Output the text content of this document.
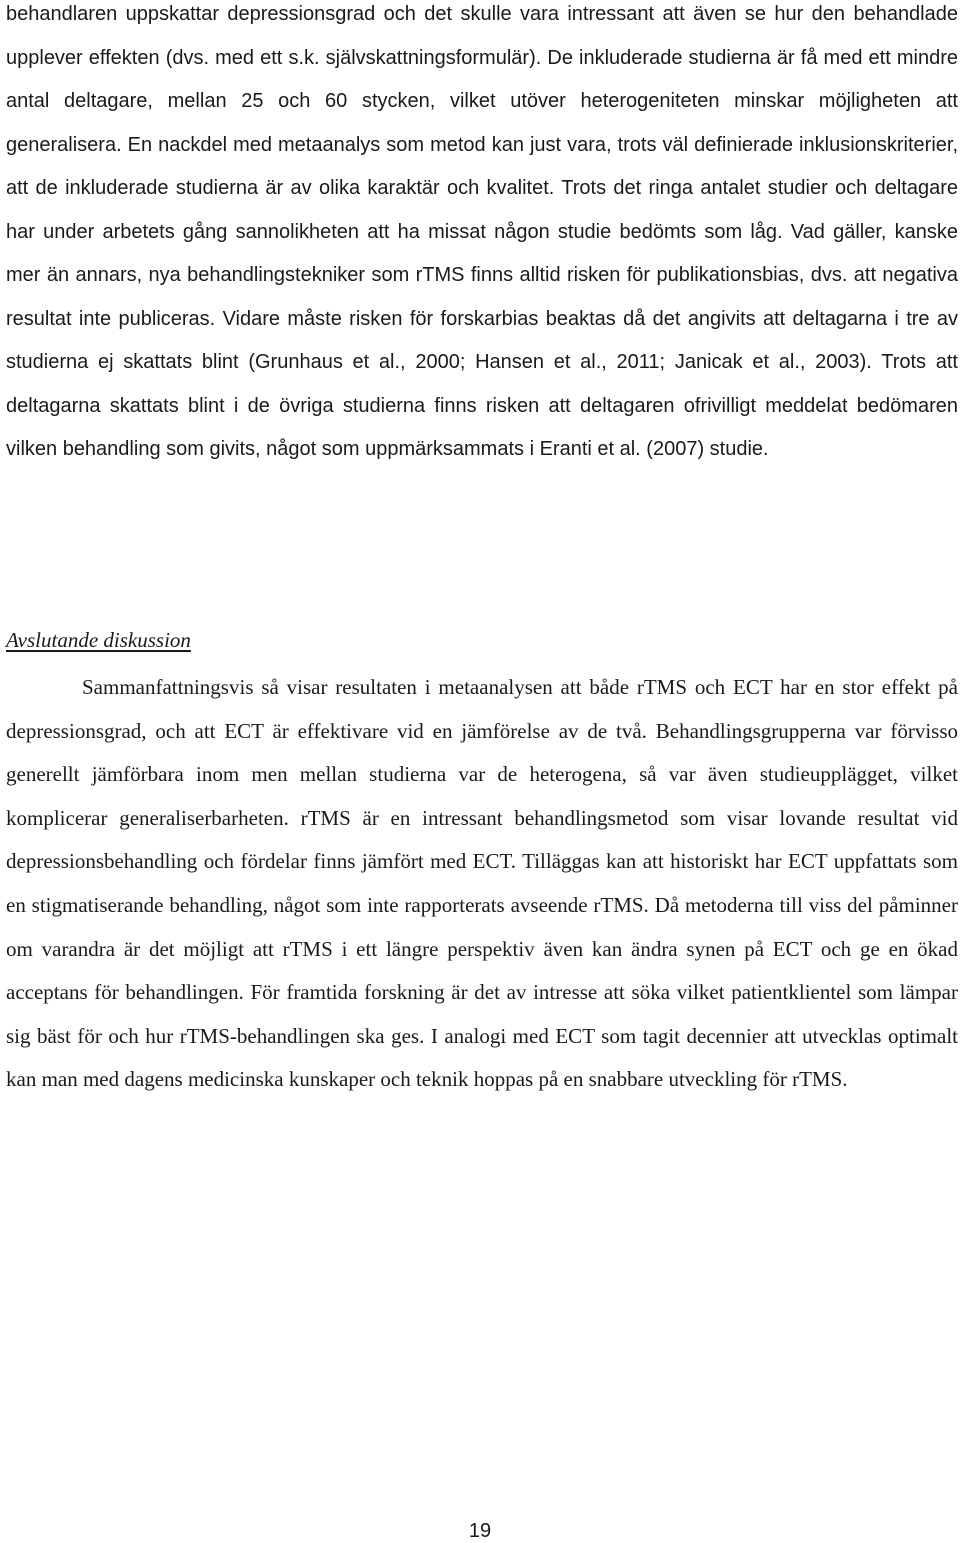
behandlaren uppskattar depressionsgrad och det skulle vara intressant att även se hur den behandlade upplever effekten (dvs. med ett s.k. självskattningsformulär). De inkluderade studierna är få med ett mindre antal deltagare, mellan 25 och 60 stycken, vilket utöver heterogeniteten minskar möjligheten att generalisera. En nackdel med metaanalys som metod kan just vara, trots väl definierade inklusionskriterier, att de inkluderade studierna är av olika karaktär och kvalitet. Trots det ringa antalet studier och deltagare har under arbetets gång sannolikheten att ha missat någon studie bedömts som låg. Vad gäller, kanske mer än annars, nya behandlingstekniker som rTMS finns alltid risken för publikationsbias, dvs. att negativa resultat inte publiceras. Vidare måste risken för forskarbias beaktas då det angivits att deltagarna i tre av studierna ej skattats blint (Grunhaus et al., 2000; Hansen et al., 2011; Janicak et al., 2003). Trots att deltagarna skattats blint i de övriga studierna finns risken att deltagaren ofrivilligt meddelat bedömaren vilken behandling som givits, något som uppmärksammats i Eranti et al. (2007) studie.

Avslutande diskussion

Sammanfattningsvis så visar resultaten i metaanalysen att både rTMS och ECT har en stor effekt på depressionsgrad, och att ECT är effektivare vid en jämförelse av de två. Behandlingsgrupperna var förvisso generellt jämförbara inom men mellan studierna var de heterogena, så var även studieupplägget, vilket komplicerar generaliserbarheten. rTMS är en intressant behandlingsmetod som visar lovande resultat vid depressionsbehandling och fördelar finns jämfört med ECT. Tilläggas kan att historiskt har ECT uppfattats som en stigmatiserande behandling, något som inte rapporterats avseende rTMS. Då metoderna till viss del påminner om varandra är det möjligt att rTMS i ett längre perspektiv även kan ändra synen på ECT och ge en ökad acceptans för behandlingen. För framtida forskning är det av intresse att söka vilket patientklientel som lämpar sig bäst för och hur rTMS-behandlingen ska ges. I analogi med ECT som tagit decennier att utvecklas optimalt kan man med dagens medicinska kunskaper och teknik hoppas på en snabbare utveckling för rTMS.

19
